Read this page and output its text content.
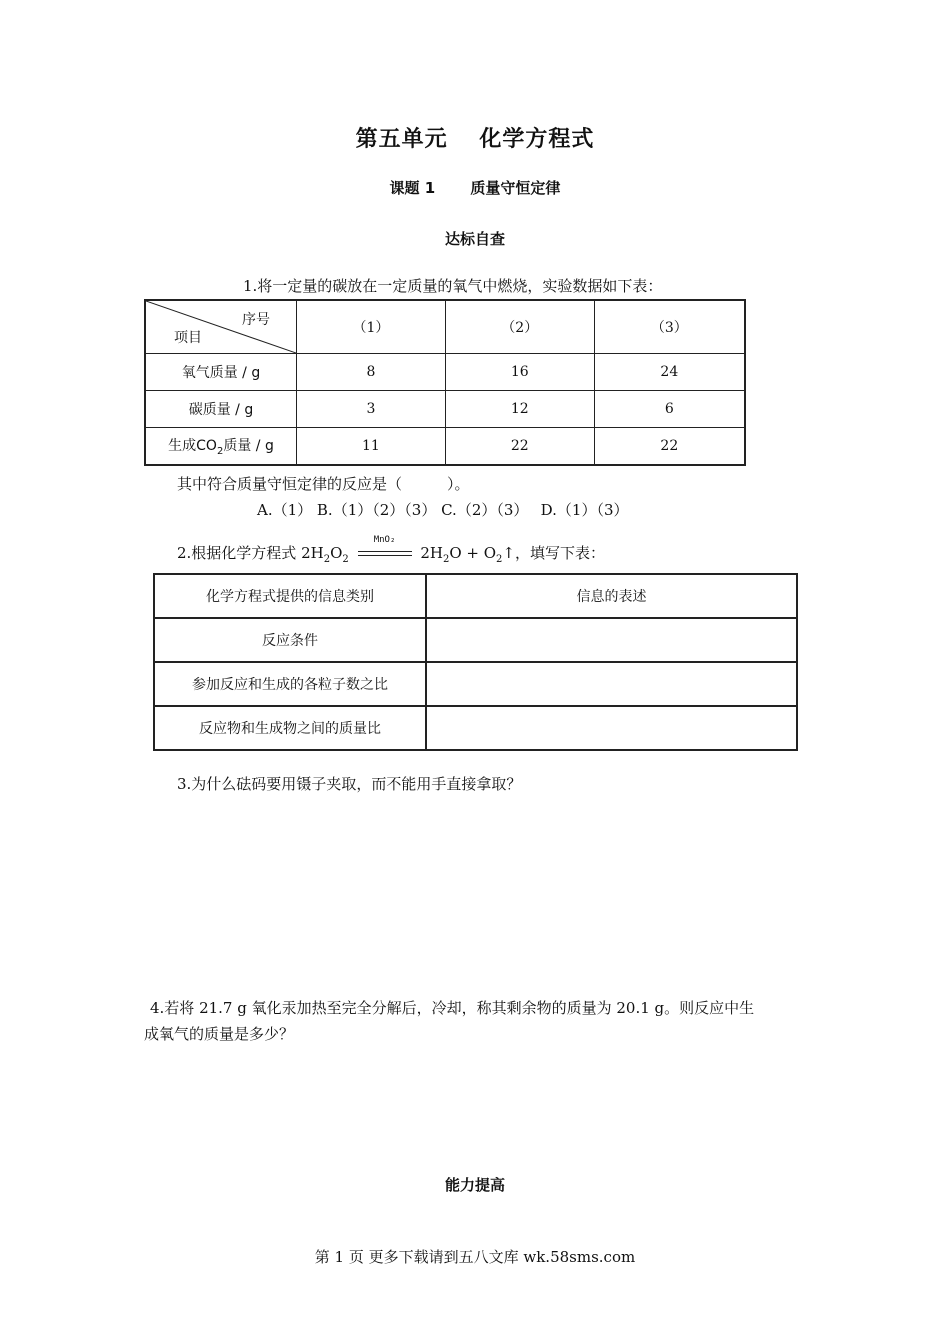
第五单元　 化学方程式
课题 1　　 质量守恒定律
达标自查
1.将一定量的碳放在一定质量的氧气中燃烧，实验数据如下表：
序号
项目	（1）	（2）	（3）
氧气质量 / g	8	16	24
碳质量 / g	3	12	6
生成$CO_2$质量 / g	11	22	22
其中符合质量守恒定律的反应是（　　　）。
A.（1） B.（1）（2）（3） C.（2）（3）　 D.（1）（3）
2.根据化学方程式 $2H_2O_2$
MnO₂
$2H_2O$ + $O_2↑$，填写下表：
化学方程式提供的信息类别	信息的表述
反应条件	
参加反应和生成的各粒子数之比	
反应物和生成物之间的质量比	
3.为什么砝码要用镊子夹取，而不能用手直接拿取？
4.若将 21.7 g 氧化汞加热至完全分解后，冷却，称其剩余物的质量为 20.1 g。则反应中生
成氧气的质量是多少？
能力提高
第 1 页 更多下载请到五八文库 wk.58sms.com
